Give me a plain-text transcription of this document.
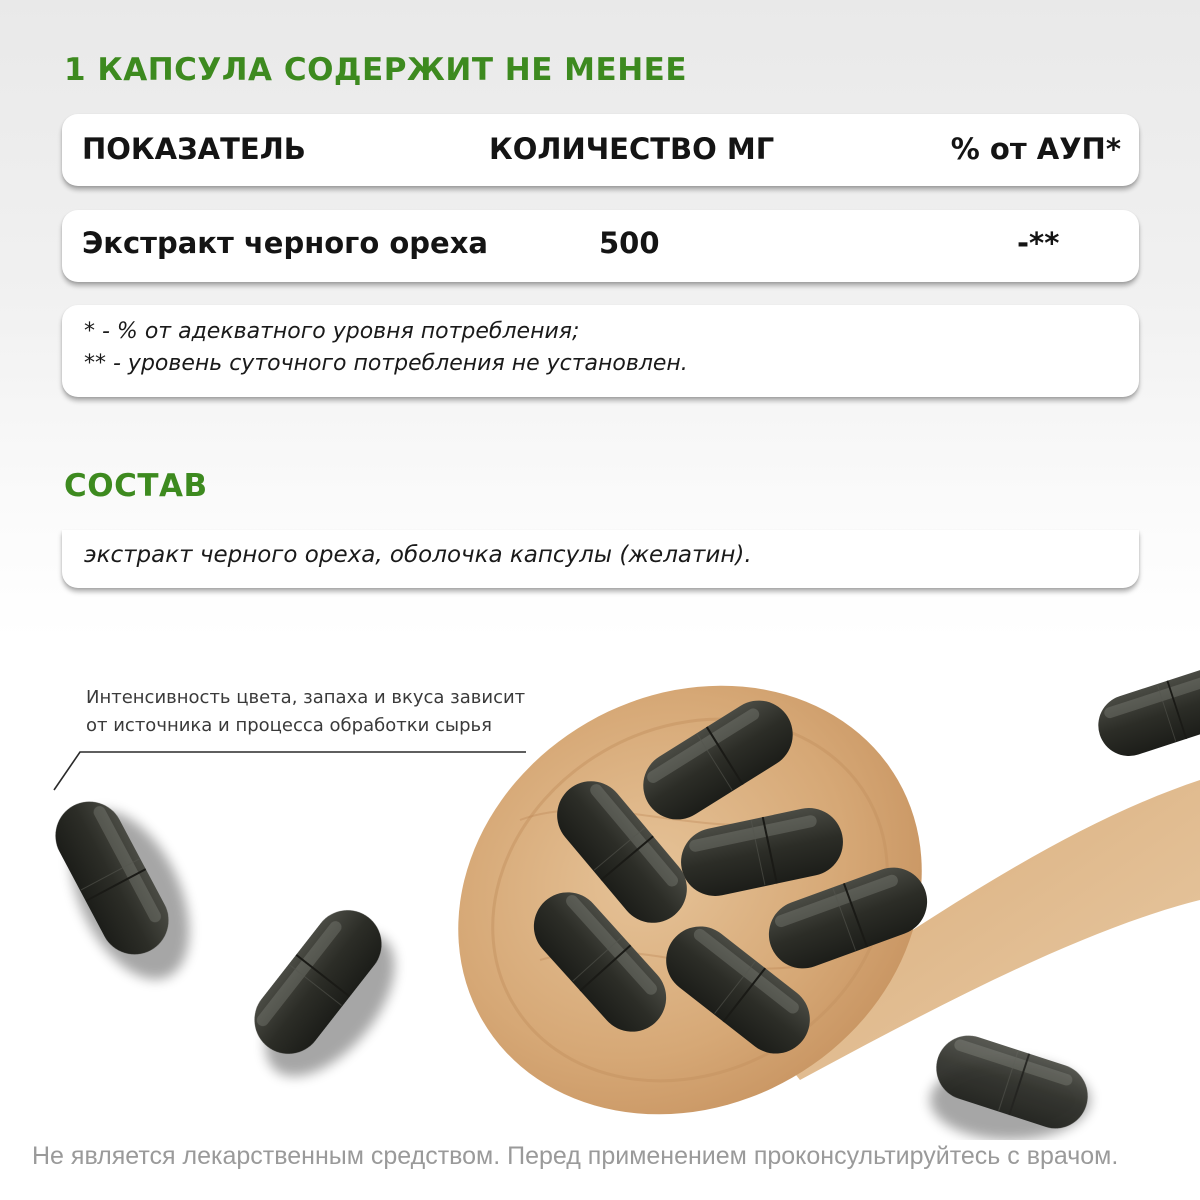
1 КАПСУЛА СОДЕРЖИТ НЕ МЕНЕЕ
ПОКАЗАТЕЛЬ	КОЛИЧЕСТВО МГ	% от АУП*
Экстракт черного ореха	500	-**
* - % от адекватного уровня потребления;
** - уровень суточного потребления не установлен.
СОСТАВ
экстракт черного ореха, оболочка капсулы (желатин).
Интенсивность цвета, запаха и вкуса зависит
от источника и процесса обработки сырья
Не является лекарственным средством. Перед применением проконсультируйтесь с врачом.
